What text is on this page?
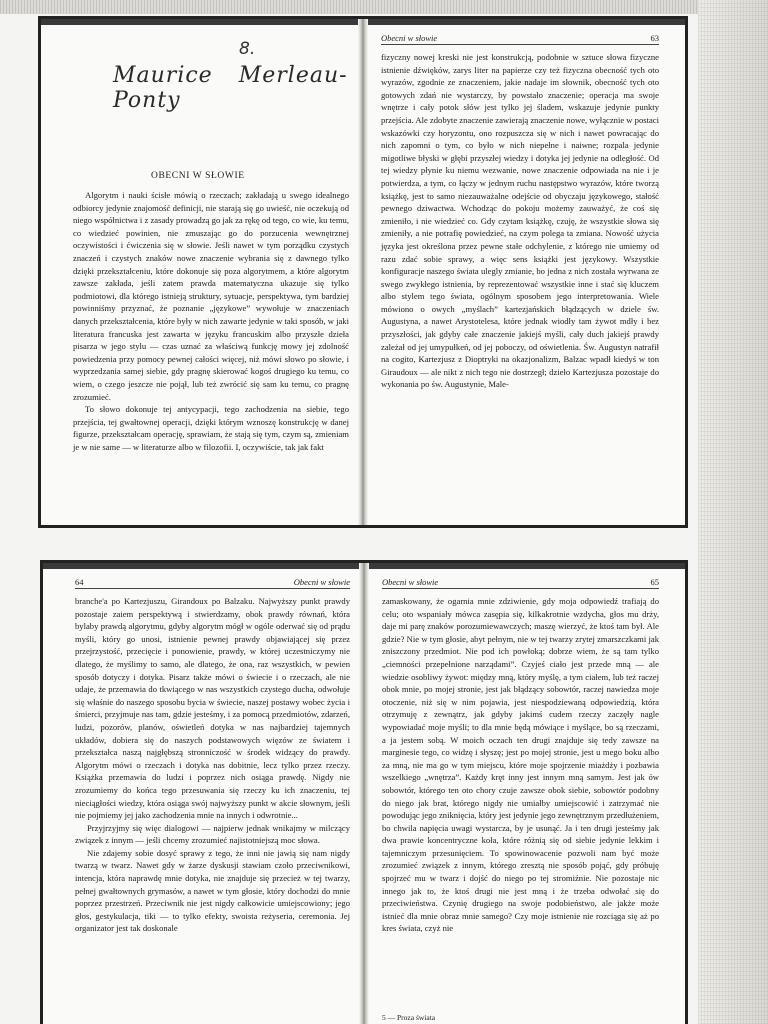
8.
Maurice Merleau-Ponty
OBECNI W SŁOWIE

Algorytm i nauki ścisłe mówią o rzeczach; zakładają u swego idealnego odbiorcy jedynie znajomość definicji, nie starają się go uwieść, nie oczekują od niego współnictwa i z zasady prowadzą go jak za rękę od tego, co wie, ku temu, co wiedzieć powinien, nie zmuszając go do porzucenia wewnętrznej oczywistości i ćwiczenia się w słowie. Jeśli nawet w tym porządku czystych znaczeń i czystych znaków nowe znaczenie wybrania się z dawnego tylko dzięki przekształceniu, które dokonuje się poza algorytmem, a które algorytm zawsze zakłada, jeśli zatem prawda matematyczna ukazuje się tylko podmiotowi, dla którego istnieją struktury, sytuacje, perspektywa, tym bardziej powinniśmy przyznać, że poznanie „językowe” wywołuje w znaczeniach danych przekształcenia, które były w nich zawarte jedynie w taki sposób, w jaki literatura francuska jest zawarta w języku francuskim albo przyszłe dzieła pisarza w jego stylu — czas uznać za właściwą funkcję mowy jej zdolność powiedzenia przy pomocy pewnej całości więcej, niż mówi słowo po słowie, i wyprzedzania samej siebie, gdy pragnę skierować kogoś drugiego ku temu, co wiem, o czego jeszcze nie pojął, lub też zwrócić się sam ku temu, co pragnę zrozumieć.

To słowo dokonuje tej antycypacji, tego zachodzenia na siebie, tego przejścia, tej gwałtownej operacji, dzięki którym wznoszę konstrukcję w danej figurze, przekształcam operację, sprawiam, że stają się tym, czym są, zmieniam je w nie same — w literaturze albo w filozofii. I, oczywiście, tak jak fakt

Obecni w słowie	63

fizyczny nowej kreski nie jest konstrukcją, podobnie w sztuce słowa fizyczne istnienie dźwięków, zarys liter na papierze czy też fizyczna obecność tych oto wyrazów, zgodnie ze znaczeniem, jakie nadaje im słownik, obecność tych oto gotowych zdań nie wystarczy, by powstało znaczenie; operacja ma swoje wnętrze i cały potok słów jest tylko jej śladem, wskazuje jedynie punkty przejścia. Ale zdobyte znaczenie zawierają znaczenie nowe, wyłącznie w postaci wskazówki czy horyzontu, ono rozpuszcza się w nich i nawet powracając do nich zapomni o tym, co było w nich niepełne i naiwne; rozpala jedynie migotliwe błyski w głębi przyszłej wiedzy i dotyka jej jedynie na odległość. Od tej wiedzy płynie ku niemu wezwanie, nowe znaczenie odpowiada na nie i je potwierdza, a tym, co łączy w jednym ruchu następstwo wyrazów, które tworzą książkę, jest to samo niezauważalne odejście od obyczaju językowego, stałość pewnego dziwactwa. Wchodząc do pokoju możemy zauważyć, że coś się zmieniło, i nie wiedzieć co. Gdy czytam książkę, czuję, że wszystkie słowa się zmieniły, a nie potrafię powiedzieć, na czym polega ta zmiana. Nowość użycia języka jest określona przez pewne stałe odchylenie, z którego nie umiemy od razu zdać sobie sprawy, a więc sens książki jest językowy. Wszystkie konfiguracje naszego świata ulegly zmianie, bo jedna z nich została wyrwana ze swego zwykłego istnienia, by reprezentować wszystkie inne i stać się kluczem albo stylem tego świata, ogólnym sposobem jego interpretowania. Wiele mówiono o owych „myślach” kartezjańskich błądzących w dziele św. Augustyna, a nawet Arystotelesa, które jednak wiodły tam żywot mdły i bez przyszłości, jak gdyby całe znaczenie jakiejś myśli, cały duch jakiejś prawdy zależał od jej umypułkeń, od jej poboczy, od oświetlenia. Św. Augustyn natrafił na cogito, Kartezjusz z Dioptryki na okazjonalizm, Balzac wpadł kiedyś w ton Giraudoux — ale nikt z nich tego nie dostrzegł; dzieło Kartezjusza pozostaje do wykonania po św. Augustynie, Male-

64	Obecni w słowie

branche'a po Kartezjuszu, Girandoux po Balzaku. Najwyższy punkt prawdy pozostaje zaiem perspektywą i stwierdzamy, obok prawdy równań, która bylaby prawdą algorytmu, gdyby algorytm mógł w ogóle oderwać się od prądu myśli, który go unosi, istnienie pewnej prawdy objawiającej się przez przejrzystość, przecięcie i ponowienie, prawdy, w której uczestniczymy nie dlatego, że myślimy to samo, ale dlatego, że ona, raz wszystkich, w pewien sposób dotyczy i dotyka. Pisarz także mówi o świecie i o rzeczach, ale nie udaje, że przemawia do tkwiącego w nas wszystkich czystego ducha, odwołuje się właśnie do naszego sposobu bycia w świecie, naszej postawy wobec życia i śmierci, przyjmuje nas tam, gdzie jesteśmy, i za pomocą przedmiotów, zdarzeń, ludzi, pozorów, planów, oświetleń dotyka w nas najbardziej tajemnych układów, dobiera się do naszych podstawowych więzów ze światem i przekształca naszą najgłębszą stronniczość w środek widzący do prawdy. Algorytm mówi o rzeczach i dotyka nas dobitnie, lecz tylko przez rzeczy. Książka przemawia do ludzi i poprzez nich osiąga prawdę. Nigdy nie zrozumiemy do końca tego przesuwania się rzeczy ku ich znaczeniu, tej nieciągłości wiedzy, która osiąga swój najwyższy punkt w akcie słownym, jeśli nie pojmiemy jej jako zachodzenia mnie na innych i odwrotnie...

Przyjrzyjmy się więc dialogowi — najpierw jednak wnikajmy w milczący związek z innym — jeśli chcemy zrozumieć najistotniejszą moc słowa.

Nie zdajemy sobie dosyć sprawy z tego, że inni nie jawią się nam nigdy twarzą w twarz. Nawet gdy w żarze dyskusji stawiam czoło przeciwnikowi, intencja, która naprawdę mnie dotyka, nie znajduje się przecież w tej twarzy, pełnej gwałtownych grymasów, a nawet w tym głosie, który dochodzi do mnie poprzez przestrzeń. Przeciwnik nie jest nigdy całkowicie umiejscowiony; jego głos, gestykulacja, tiki — to tylko efekty, swoista reżyseria, ceremonia. Jej organizator jest tak doskonale

Obecni w słowie	65

zamaskowany, że ogarnia mnie zdziwienie, gdy moja odpowiedź trafiają do celu; oto wspaniały mówca zasępia się, kilkakrotnie wzdycha, głos mu drży, daje mi parę znaków porozumiewawczych; maszę wierzyć, że ktoś tam był. Ale gdzie? Nie w tym głosie, abyt pełnym, nie w tej twarzy zrytej zmarszczkami jak zniszczony przedmiot. Nie pod ich powłoką; dobrze wiem, że są tam tylko „ciemności przepełnione narządami”. Czyjeś ciało jest przede mną — ale wiedzie osobliwy żywot: między mną, który myślę, a tym ciałem, lub też raczej obok mnie, po mojej stronie, jest jak błądzący sobowtór, raczej nawiedza moje otoczenie, niż się w nim pojawia, jest niespodziewaną odpowiedzią, która otrzymuję z zewnątrz, jak gdyby jakimś cudem rzeczy zaczęły nagle wypowiadać moje myśli; to dla mnie będą mówiące i myślące, bo są rzeczami, a ja jestem sobą. W moich oczach ten drugi znajduje się tedy zawsze na marginesie tego, co widzę i słyszę; jest po mojej stronie, jest u mego boku albo za mną, nie ma go w tym miejscu, które moje spojrzenie miażdży i pozbawia wszelkiego „wnętrza”. Każdy kręt inny jest innym mną samym. Jest jak ów sobowtór, którego ten oto chory czuje zawsze obok siebie, sobowtór podobny do niego jak brat, którego nigdy nie umiałby umiejscowić i zatrzymać nie powodując jego zniknięcia, który jest jedynie jego zewnętrznym przedłużeniem, bo chwila napięcia uwagi wystarcza, by je usunąć. Ja i ten drugi jesteśmy jak dwa prawie koncentryczne koła, które różnią się od siebie jedynie lekkim i tajemniczym przesunięciem. To spowinowacenie pozwoli nam być może zrozumieć związek z innym, którego zresztą nie sposób pojąć, gdy próbuję spojrzeć mu w twarz i dojść do niego po tej stromiźnie. Nie pozostaje nic innego jak to, że ktoś drugi nie jest mną i że trzeba odwołać się do przeciwieństwa. Czynię drugiego na swoje podobieństwo, ale jakże może istnieć dla mnie obraz mnie samego? Czy moje istnienie nie rozciąga się aż po kres świata, czyż nie

5 — Proza świata
